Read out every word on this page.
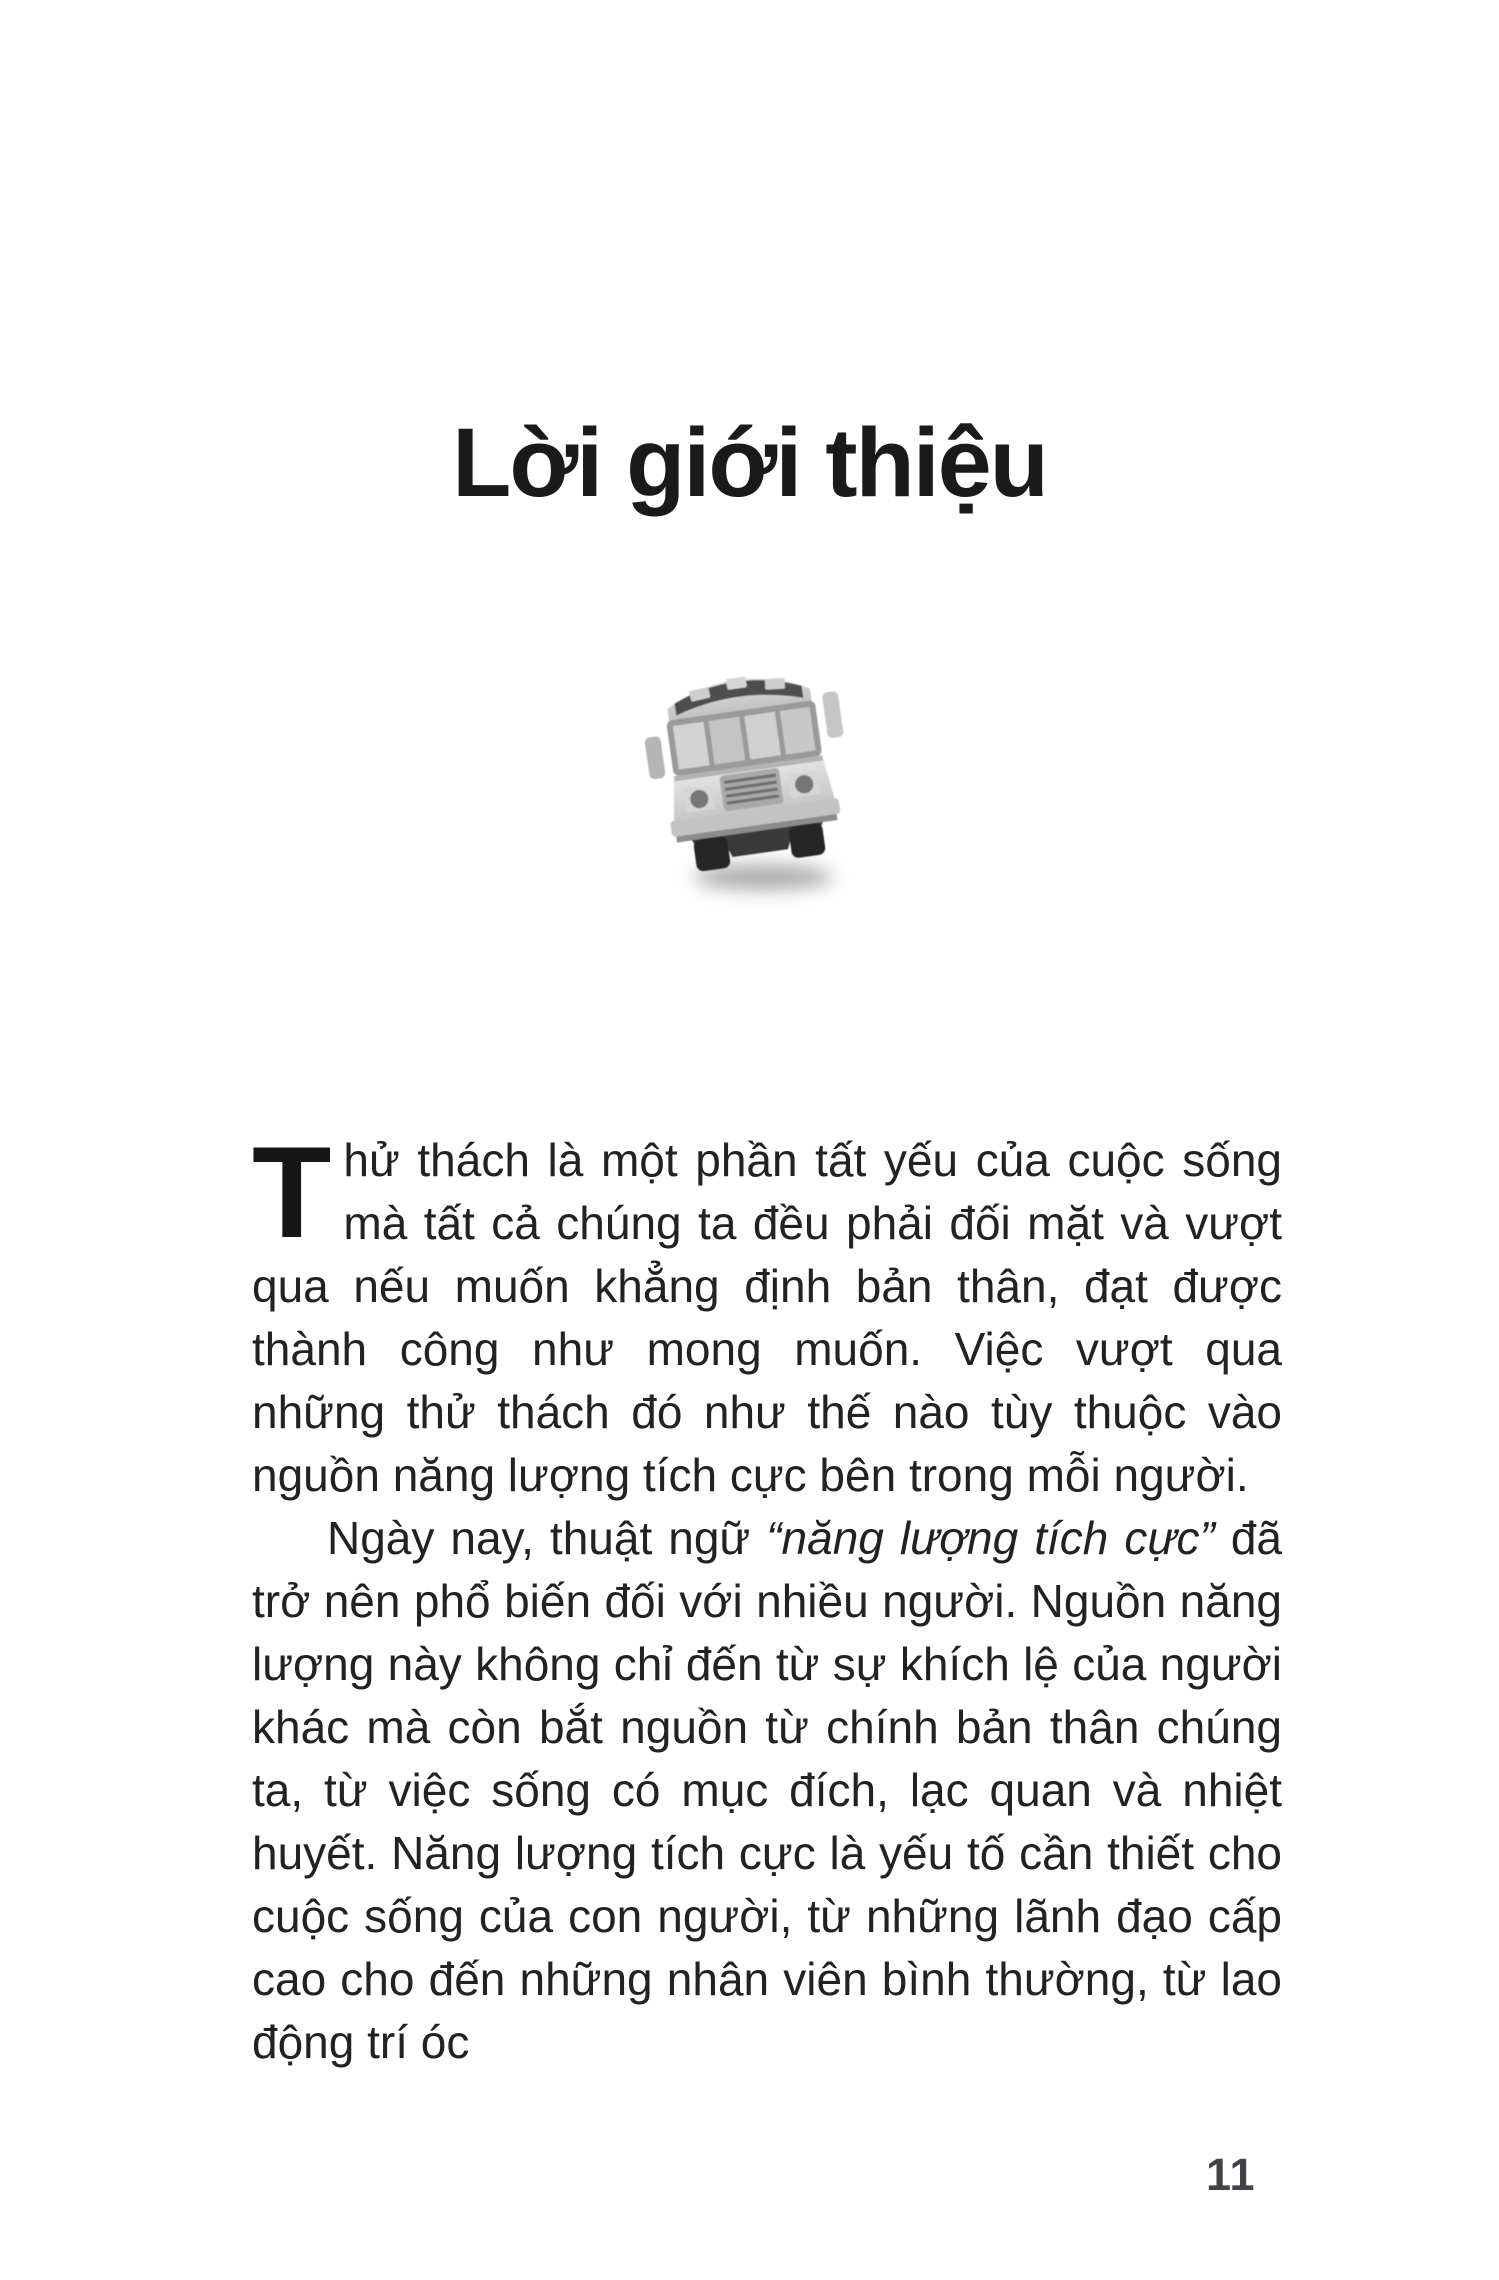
Lời giới thiệu

T hử thách là một phần tất yếu của cuộc sống mà tất cả chúng ta đều phải đối mặt và vượt qua nếu muốn khẳng định bản thân, đạt được thành công như mong muốn. Việc vượt qua những thử thách đó như thế nào tùy thuộc vào nguồn năng lượng tích cực bên trong mỗi người.

Ngày nay, thuật ngữ “năng lượng tích cực” đã trở nên phổ biến đối với nhiều người. Nguồn năng lượng này không chỉ đến từ sự khích lệ của người khác mà còn bắt nguồn từ chính bản thân chúng ta, từ việc sống có mục đích, lạc quan và nhiệt huyết. Năng lượng tích cực là yếu tố cần thiết cho cuộc sống của con người, từ những lãnh đạo cấp cao cho đến những nhân viên bình thường, từ lao động trí óc

11
